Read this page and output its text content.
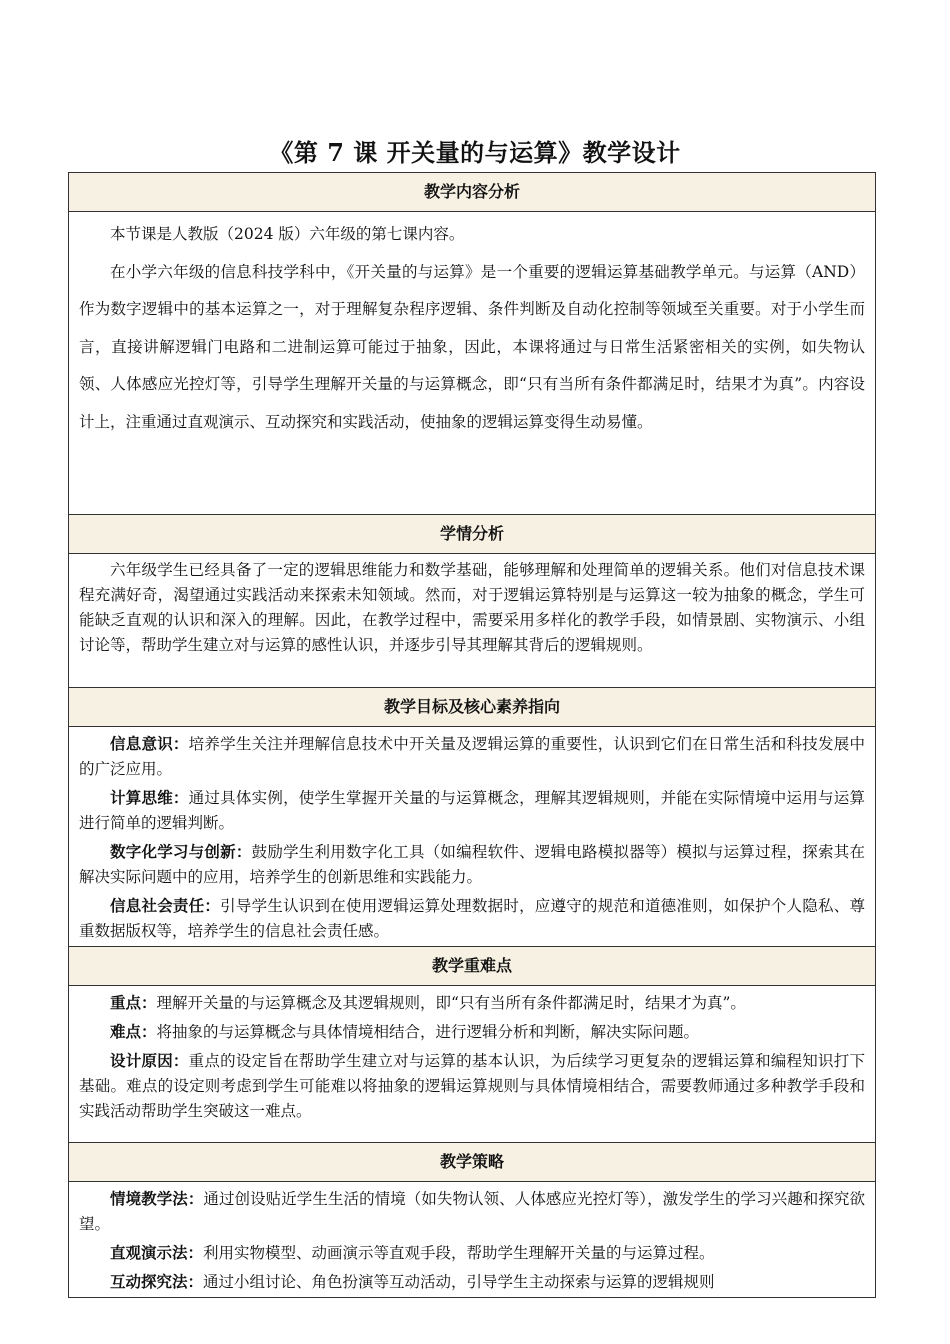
《第 7 课 开关量的与运算》教学设计
教学内容分析

本节课是人教版（2024 版）六年级的第七课内容。

在小学六年级的信息科技学科中，《开关量的与运算》是一个重要的逻辑运算基础教学单元。与运算（AND）作为数字逻辑中的基本运算之一，对于理解复杂程序逻辑、条件判断及自动化控制等领域至关重要。对于小学生而言，直接讲解逻辑门电路和二进制运算可能过于抽象，因此，本课将通过与日常生活紧密相关的实例，如失物认领、人体感应光控灯等，引导学生理解开关量的与运算概念，即“只有当所有条件都满足时，结果才为真”。内容设计上，注重通过直观演示、互动探究和实践活动，使抽象的逻辑运算变得生动易懂。

学情分析

六年级学生已经具备了一定的逻辑思维能力和数学基础，能够理解和处理简单的逻辑关系。他们对信息技术课程充满好奇，渴望通过实践活动来探索未知领域。然而，对于逻辑运算特别是与运算这一较为抽象的概念，学生可能缺乏直观的认识和深入的理解。因此，在教学过程中，需要采用多样化的教学手段，如情景剧、实物演示、小组讨论等，帮助学生建立对与运算的感性认识，并逐步引导其理解其背后的逻辑规则。

教学目标及核心素养指向

信息意识：培养学生关注并理解信息技术中开关量及逻辑运算的重要性，认识到它们在日常生活和科技发展中的广泛应用。

计算思维：通过具体实例，使学生掌握开关量的与运算概念，理解其逻辑规则，并能在实际情境中运用与运算进行简单的逻辑判断。

数字化学习与创新：鼓励学生利用数字化工具（如编程软件、逻辑电路模拟器等）模拟与运算过程，探索其在解决实际问题中的应用，培养学生的创新思维和实践能力。

信息社会责任：引导学生认识到在使用逻辑运算处理数据时，应遵守的规范和道德准则，如保护个人隐私、尊重数据版权等，培养学生的信息社会责任感。

教学重难点

重点：理解开关量的与运算概念及其逻辑规则，即“只有当所有条件都满足时，结果才为真”。

难点：将抽象的与运算概念与具体情境相结合，进行逻辑分析和判断，解决实际问题。

设计原因：重点的设定旨在帮助学生建立对与运算的基本认识，为后续学习更复杂的逻辑运算和编程知识打下基础。难点的设定则考虑到学生可能难以将抽象的逻辑运算规则与具体情境相结合，需要教师通过多种教学手段和实践活动帮助学生突破这一难点。

教学策略

情境教学法：通过创设贴近学生生活的情境（如失物认领、人体感应光控灯等），激发学生的学习兴趣和探究欲望。

直观演示法：利用实物模型、动画演示等直观手段，帮助学生理解开关量的与运算过程。

互动探究法：通过小组讨论、角色扮演等互动活动，引导学生主动探索与运算的逻辑规则
